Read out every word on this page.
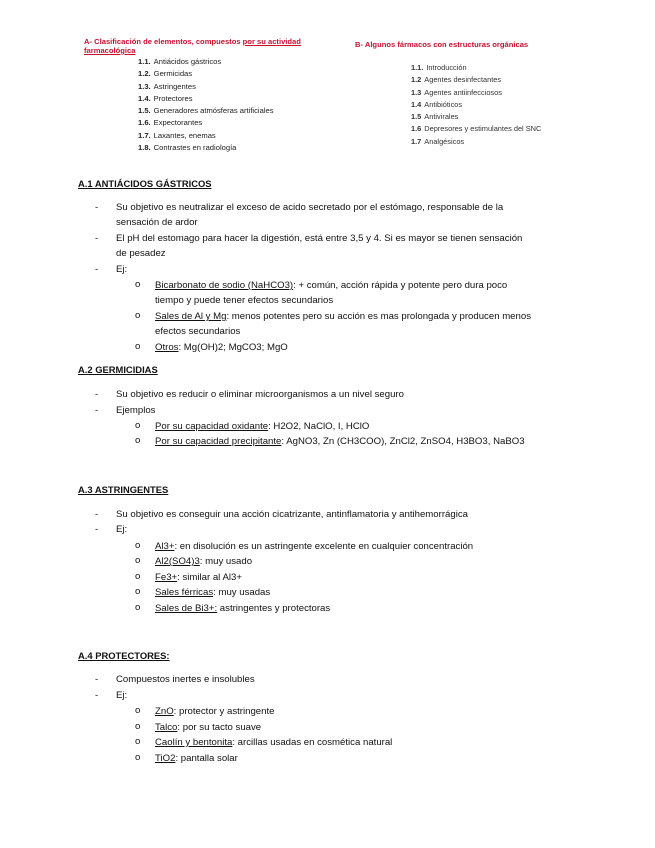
A- Clasificación de elementos, compuestos por su actividad
farmacológica
1.1. Antiácidos gástricos
1.2. Germicidas
1.3. Astringentes
1.4. Protectores
1.5. Generadores atmósferas artificiales
1.6. Expectorantes
1.7. Laxantes, enemas
1.8. Contrastes en radiología
B- Algunos fármacos con estructuras orgánicas
1.1. Introducción
1.2 Agentes desinfectantes
1.3 Agentes antiinfecciosos
1.4 Antibióticos
1.5 Antivirales
1.6 Depresores y estimulantes del SNC
1.7 Analgésicos
A.1 ANTIÁCIDOS GÁSTRICOS
- Su objetivo es neutralizar el exceso de acido secretado por el estómago, responsable de la
sensación de ardor
- El pH del estomago para hacer la digestión, está entre 3,5 y 4. Si es mayor se tienen sensación
de pesadez
- Ej:
o Bicarbonato de sodio (NaHCO3): + común, acción rápida y potente pero dura poco
tiempo y puede tener efectos secundarios
o Sales de Al y Mg: menos potentes pero su acción es mas prolongada y producen menos
efectos secundarios
o Otros: Mg(OH)2; MgCO3; MgO
A.2 GERMICIDIAS
- Su objetivo es reducir o eliminar microorganismos a un nivel seguro
- Ejemplos
o Por su capacidad oxidante: H2O2, NaClO, I, HClO
o Por su capacidad precipitante: AgNO3, Zn (CH3COO), ZnCl2, ZnSO4, H3BO3, NaBO3
A.3 ASTRINGENTES
- Su objetivo es conseguir una acción cicatrizante, antinflamatoria y antihemorrágica
- Ej:
o Al3+: en disolución es un astringente excelente en cualquier concentración
o Al2(SO4)3: muy usado
o Fe3+: similar al Al3+
o Sales férricas: muy usadas
o Sales de Bi3+: astringentes y protectoras
A.4 PROTECTORES:
- Compuestos inertes e insolubles
- Ej:
o ZnO: protector y astringente
o Talco: por su tacto suave
o Caolín y bentonita: arcillas usadas en cosmética natural
o TiO2: pantalla solar
